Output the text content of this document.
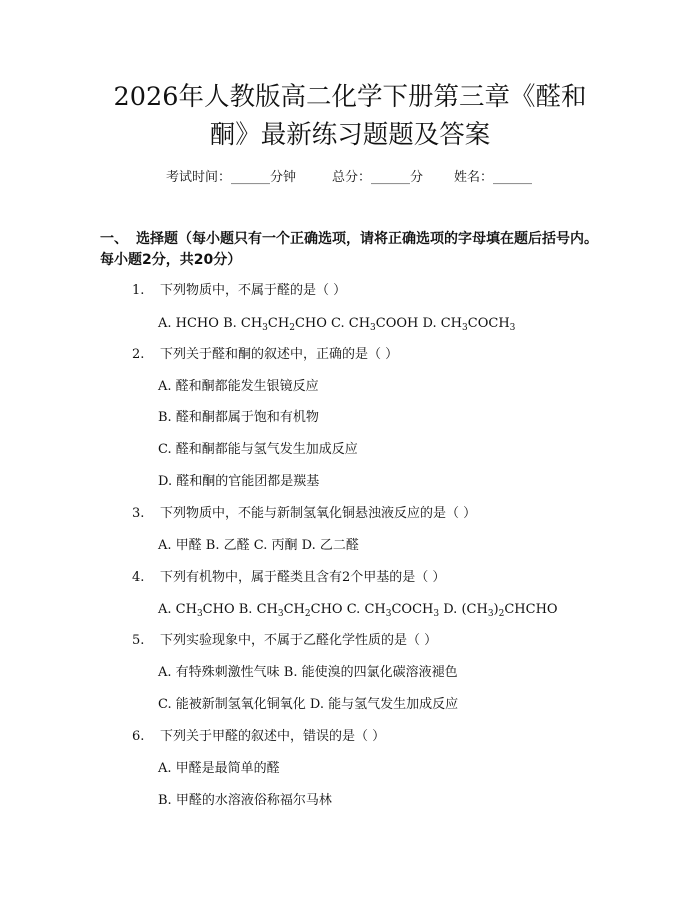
2026年人教版高二化学下册第三章《醛和
酮》最新练习题题及答案
考试时间：______分钟	总分：______分 姓名：______
一、 选择题（每小题只有一个正确选项，请将正确选项的字母填在题后括号内。每小题2分，共20分）
1. 下列物质中，不属于醛的是（ ）
A. HCHO B. $CH_3CH_2CHO$ C. $CH_3COOH$ D. $CH_3COCH_3$
2. 下列关于醛和酮的叙述中，正确的是（ ）
A. 醛和酮都能发生银镜反应
B. 醛和酮都属于饱和有机物
C. 醛和酮都能与氢气发生加成反应
D. 醛和酮的官能团都是羰基
3. 下列物质中，不能与新制氢氧化铜悬浊液反应的是（ ）
A. 甲醛 B. 乙醛 C. 丙酮 D. 乙二醛
4. 下列有机物中，属于醛类且含有2个甲基的是（ ）
A. $CH_3CHO$ B. $CH_3CH_2CHO$ C. $CH_3COCH_3$ D. $(CH_3)_2CHCHO$
5. 下列实验现象中，不属于乙醛化学性质的是（ ）
A. 有特殊刺激性气味 B. 能使溴的四氯化碳溶液褪色
C. 能被新制氢氧化铜氧化 D. 能与氢气发生加成反应
6. 下列关于甲醛的叙述中，错误的是（ ）
A. 甲醛是最简单的醛
B. 甲醛的水溶液俗称福尔马林
